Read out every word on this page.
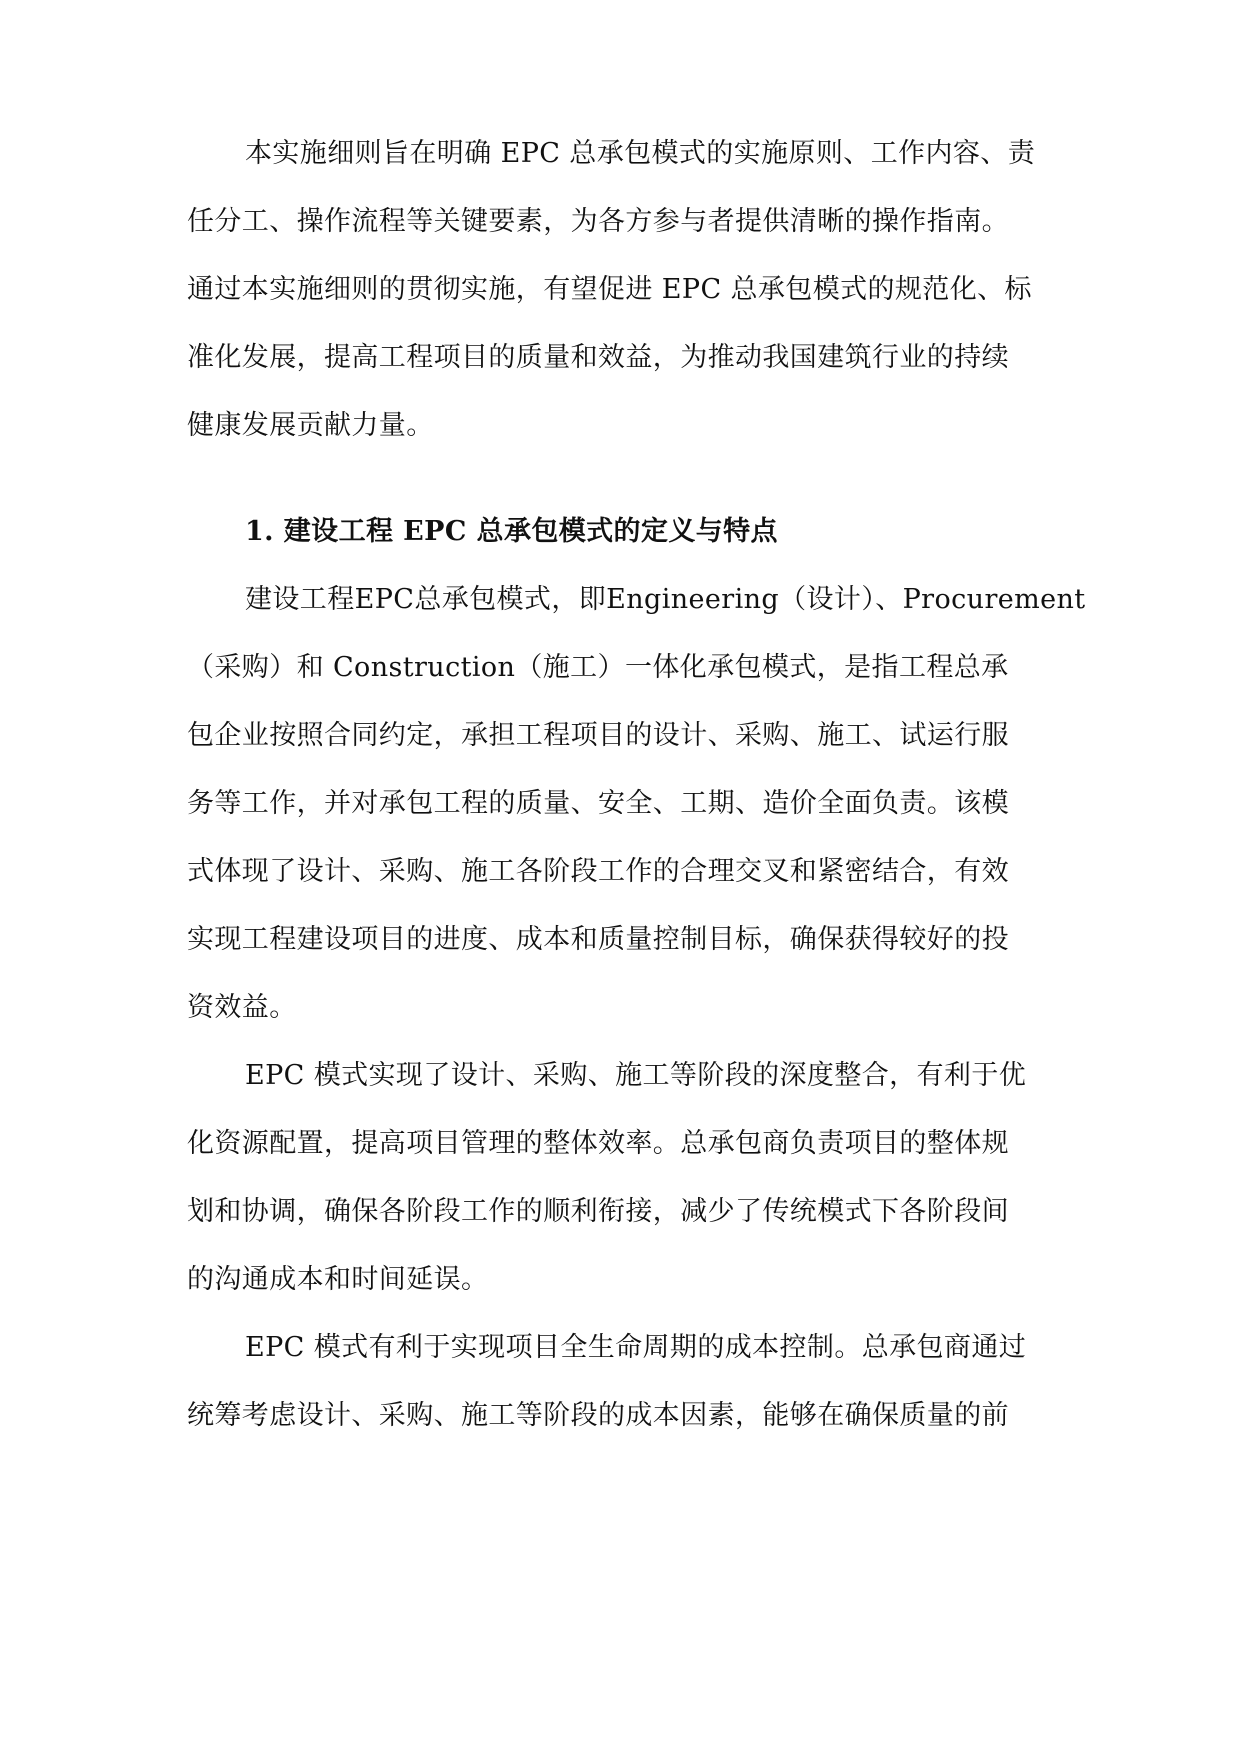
本实施细则旨在明确 EPC 总承包模式的实施原则、工作内容、责
任分工、操作流程等关键要素，为各方参与者提供清晰的操作指南。
通过本实施细则的贯彻实施，有望促进 EPC 总承包模式的规范化、标
准化发展，提高工程项目的质量和效益，为推动我国建筑行业的持续
健康发展贡献力量。
1. 建设工程 EPC 总承包模式的定义与特点
建设工程EPC总承包模式，即Engineering（设计）、Procurement
（采购）和 Construction（施工）一体化承包模式，是指工程总承
包企业按照合同约定，承担工程项目的设计、采购、施工、试运行服
务等工作，并对承包工程的质量、安全、工期、造价全面负责。该模
式体现了设计、采购、施工各阶段工作的合理交叉和紧密结合，有效
实现工程建设项目的进度、成本和质量控制目标，确保获得较好的投
资效益。
EPC 模式实现了设计、采购、施工等阶段的深度整合，有利于优
化资源配置，提高项目管理的整体效率。总承包商负责项目的整体规
划和协调，确保各阶段工作的顺利衔接，减少了传统模式下各阶段间
的沟通成本和时间延误。
EPC 模式有利于实现项目全生命周期的成本控制。总承包商通过
统筹考虑设计、采购、施工等阶段的成本因素，能够在确保质量的前
